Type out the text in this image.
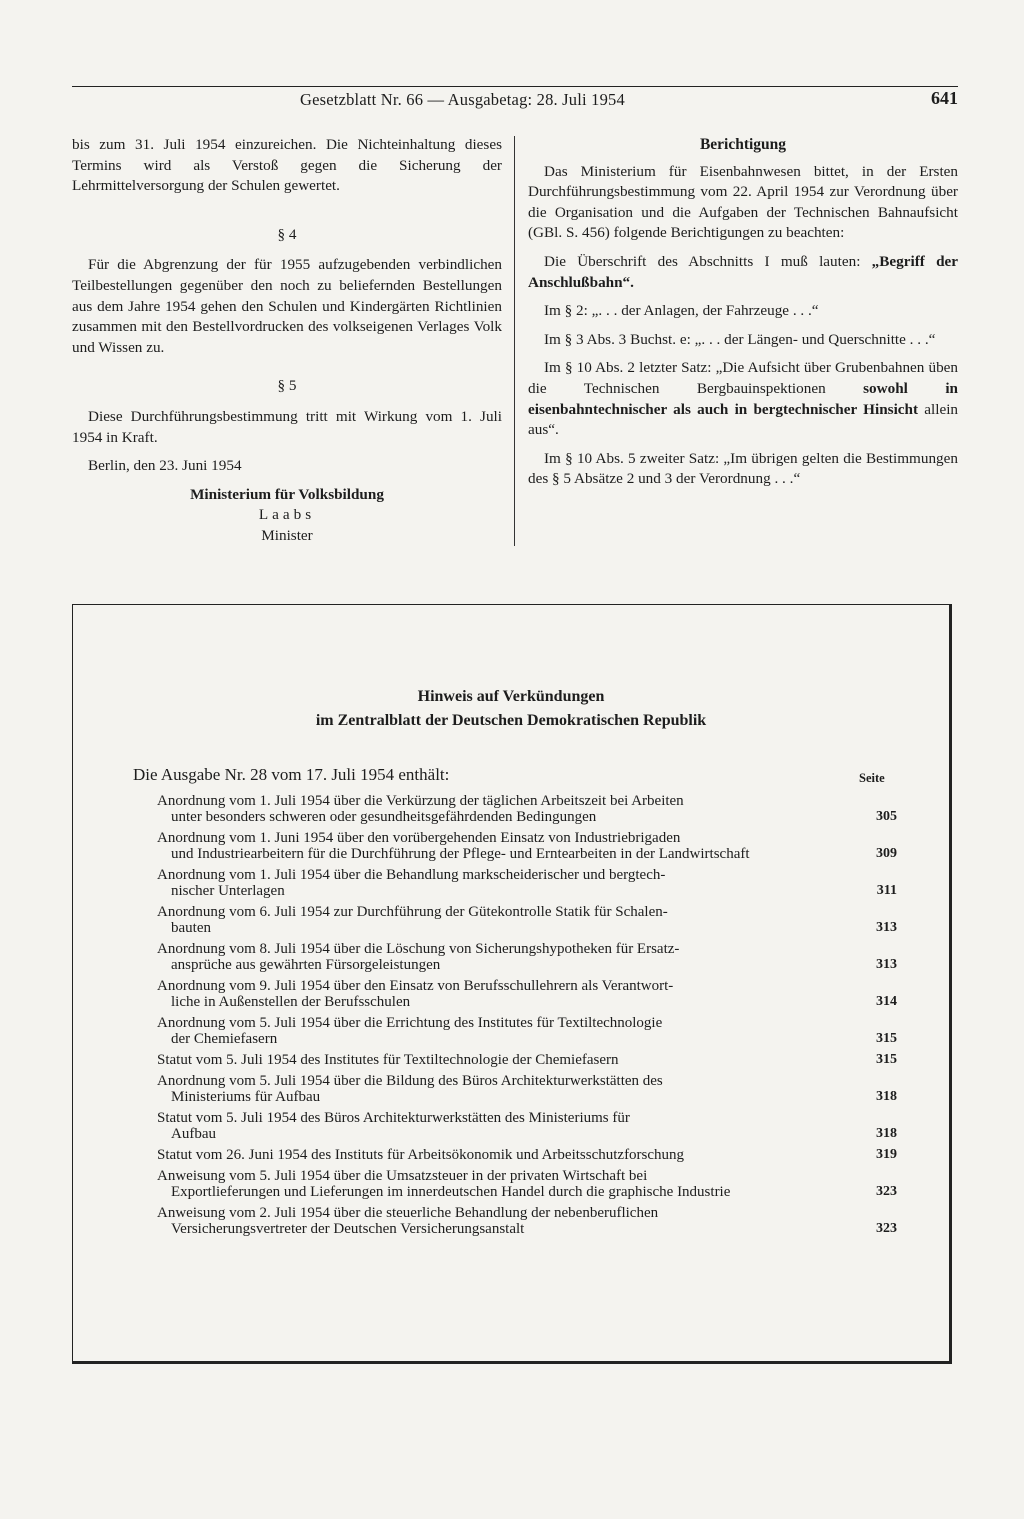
Gesetzblatt Nr. 66 — Ausgabetag: 28. Juli 1954	641

bis zum 31. Juli 1954 einzureichen. Die Nichteinhaltung dieses Termins wird als Verstoß gegen die Sicherung der Lehrmittelversorgung der Schulen gewertet.

§ 4

Für die Abgrenzung der für 1955 aufzugebenden verbindlichen Teilbestellungen gegenüber den noch zu beliefernden Bestellungen aus dem Jahre 1954 gehen den Schulen und Kindergärten Richtlinien zusammen mit den Bestellvordrucken des volkseigenen Verlages Volk und Wissen zu.

§ 5

Diese Durchführungsbestimmung tritt mit Wirkung vom 1. Juli 1954 in Kraft.

Berlin, den 23. Juni 1954

Ministerium für Volksbildung
Laabs
Minister
Berichtigung

Das Ministerium für Eisenbahnwesen bittet, in der Ersten Durchführungsbestimmung vom 22. April 1954 zur Verordnung über die Organisation und die Aufgaben der Technischen Bahnaufsicht (GBl. S. 456) folgende Berichtigungen zu beachten:

Die Überschrift des Abschnitts I muß lauten: „Begriff der Anschlußbahn“.

Im § 2: „. . . der Anlagen, der Fahrzeuge . . .“

Im § 3 Abs. 3 Buchst. e: „. . . der Längen- und Querschnitte . . .“

Im § 10 Abs. 2 letzter Satz: „Die Aufsicht über Grubenbahnen üben die Technischen Bergbauinspektionen sowohl in eisenbahntechnischer als auch in bergtechnischer Hinsicht allein aus“.

Im § 10 Abs. 5 zweiter Satz: „Im übrigen gelten die Bestimmungen des § 5 Absätze 2 und 3 der Verordnung . . .“

Hinweis auf Verkündungen
im Zentralblatt der Deutschen Demokratischen Republik
Die Ausgabe Nr. 28 vom 17. Juli 1954 enthält:	Seite
Anordnung vom 1. Juli 1954 über die Verkürzung der täglichen Arbeitszeit bei Arbeiten
unter besonders schweren oder gesundheitsgefährdenden Bedingungen	305
Anordnung vom 1. Juni 1954 über den vorübergehenden Einsatz von Industriebrigaden
und Industriearbeitern für die Durchführung der Pflege- und Erntearbeiten in der Landwirtschaft	309
Anordnung vom 1. Juli 1954 über die Behandlung markscheiderischer und bergtech-
nischer Unterlagen	311
Anordnung vom 6. Juli 1954 zur Durchführung der Gütekontrolle Statik für Schalen-
bauten	313
Anordnung vom 8. Juli 1954 über die Löschung von Sicherungshypotheken für Ersatz-
ansprüche aus gewährten Fürsorgeleistungen	313
Anordnung vom 9. Juli 1954 über den Einsatz von Berufsschullehrern als Verantwort-
liche in Außenstellen der Berufsschulen	314
Anordnung vom 5. Juli 1954 über die Errichtung des Institutes für Textiltechnologie
der Chemiefasern	315
Statut vom 5. Juli 1954 des Institutes für Textiltechnologie der Chemiefasern	315
Anordnung vom 5. Juli 1954 über die Bildung des Büros Architekturwerkstätten des
Ministeriums für Aufbau	318
Statut vom 5. Juli 1954 des Büros Architekturwerkstätten des Ministeriums für
Aufbau	318
Statut vom 26. Juni 1954 des Instituts für Arbeitsökonomik und Arbeitsschutzforschung	319
Anweisung vom 5. Juli 1954 über die Umsatzsteuer in der privaten Wirtschaft bei
Exportlieferungen und Lieferungen im innerdeutschen Handel durch die graphische Industrie	323
Anweisung vom 2. Juli 1954 über die steuerliche Behandlung der nebenberuflichen
Versicherungsvertreter der Deutschen Versicherungsanstalt	323
